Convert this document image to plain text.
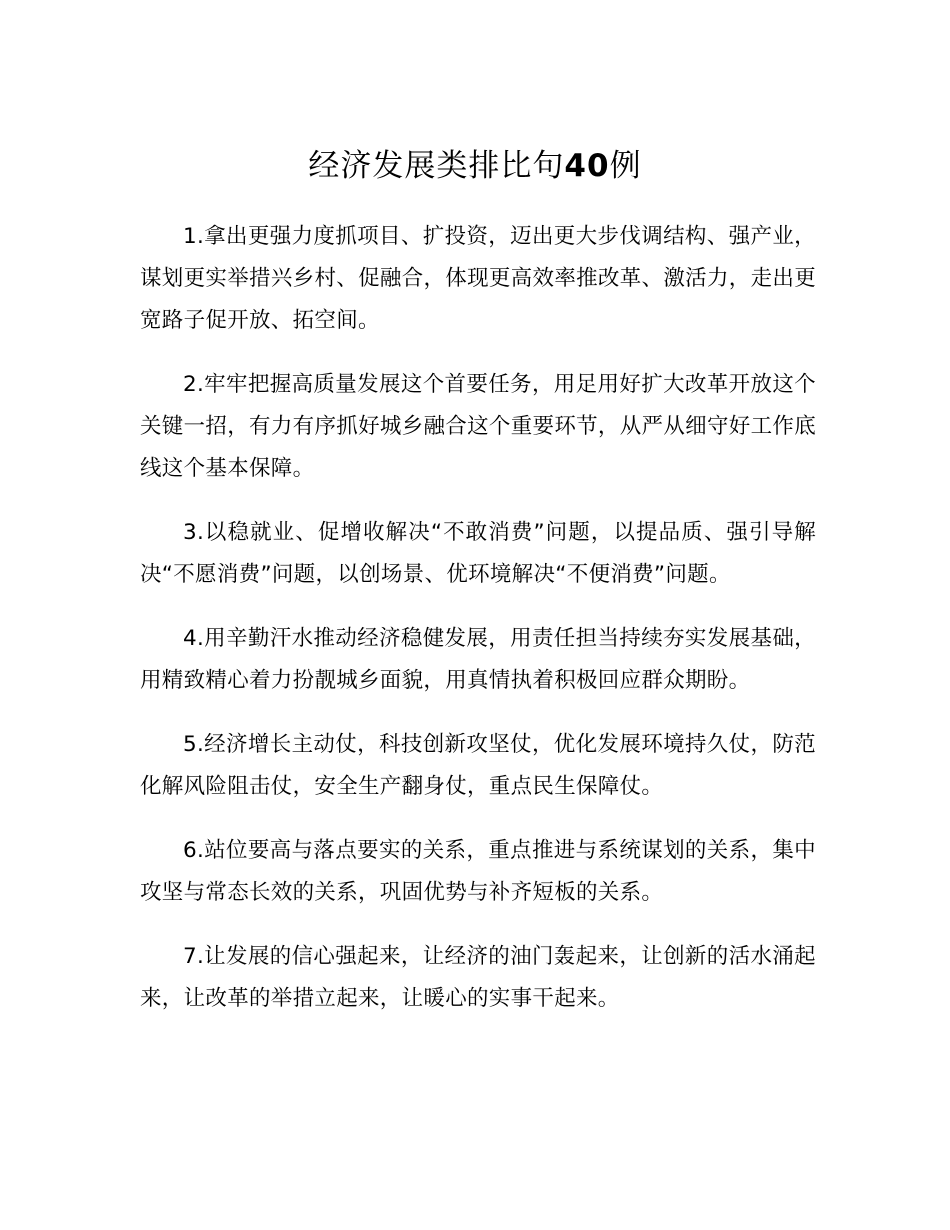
经济发展类排比句40例

1.拿出更强力度抓项目、扩投资，迈出更大步伐调结构、强产业，谋划更实举措兴乡村、促融合，体现更高效率推改革、激活力，走出更宽路子促开放、拓空间。

2.牢牢把握高质量发展这个首要任务，用足用好扩大改革开放这个关键一招，有力有序抓好城乡融合这个重要环节，从严从细守好工作底线这个基本保障。

3.以稳就业、促增收解决“不敢消费”问题，以提品质、强引导解决“不愿消费”问题，以创场景、优环境解决“不便消费”问题。

4.用辛勤汗水推动经济稳健发展，用责任担当持续夯实发展基础，用精致精心着力扮靓城乡面貌，用真情执着积极回应群众期盼。

5.经济增长主动仗，科技创新攻坚仗，优化发展环境持久仗，防范化解风险阻击仗，安全生产翻身仗，重点民生保障仗。

6.站位要高与落点要实的关系，重点推进与系统谋划的关系，集中攻坚与常态长效的关系，巩固优势与补齐短板的关系。

7.让发展的信心强起来，让经济的油门轰起来，让创新的活水涌起来，让改革的举措立起来，让暖心的实事干起来。
